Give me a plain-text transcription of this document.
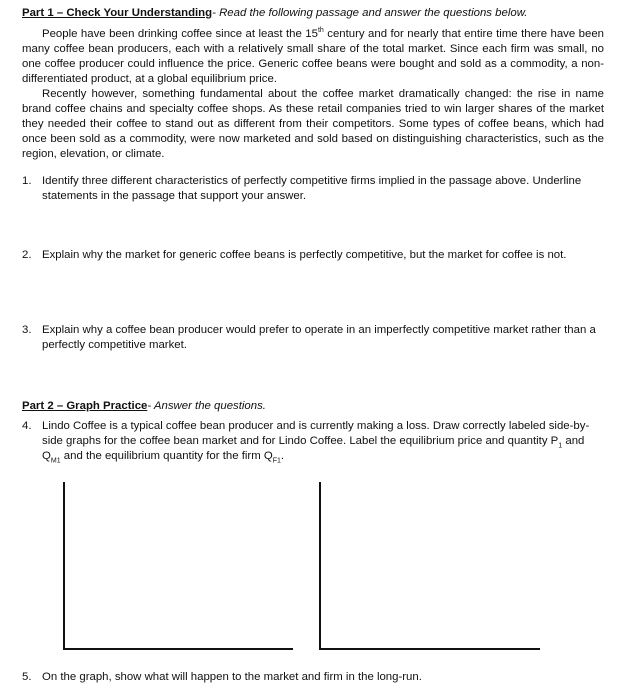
Part 1 – Check Your Understanding- Read the following passage and answer the questions below.

People have been drinking coffee since at least the 15th century and for nearly that entire time there have been many coffee bean producers, each with a relatively small share of the total market. Since each firm was small, no one coffee producer could influence the price. Generic coffee beans were bought and sold as a commodity, a non-differentiated product, at a global equilibrium price.

Recently however, something fundamental about the coffee market dramatically changed: the rise in name brand coffee chains and specialty coffee shops. As these retail companies tried to win larger shares of the market they needed their coffee to stand out as different from their competitors. Some types of coffee beans, which had once been sold as a commodity, were now marketed and sold based on distinguishing characteristics, such as the region, elevation, or climate.

1. Identify three different characteristics of perfectly competitive firms implied in the passage above. Underline statements in the passage that support your answer.
2. Explain why the market for generic coffee beans is perfectly competitive, but the market for coffee is not.
3. Explain why a coffee bean producer would prefer to operate in an imperfectly competitive market rather than a perfectly competitive market.
Part 2 – Graph Practice- Answer the questions.
4. Lindo Coffee is a typical coffee bean producer and is currently making a loss. Draw correctly labeled side-by-side graphs for the coffee bean market and for Lindo Coffee. Label the equilibrium price and quantity $P_1$ and $Q_{M1}$ and the equilibrium quantity for the firm $Q_{F1}$.
5. On the graph, show what will happen to the market and firm in the long-run.
